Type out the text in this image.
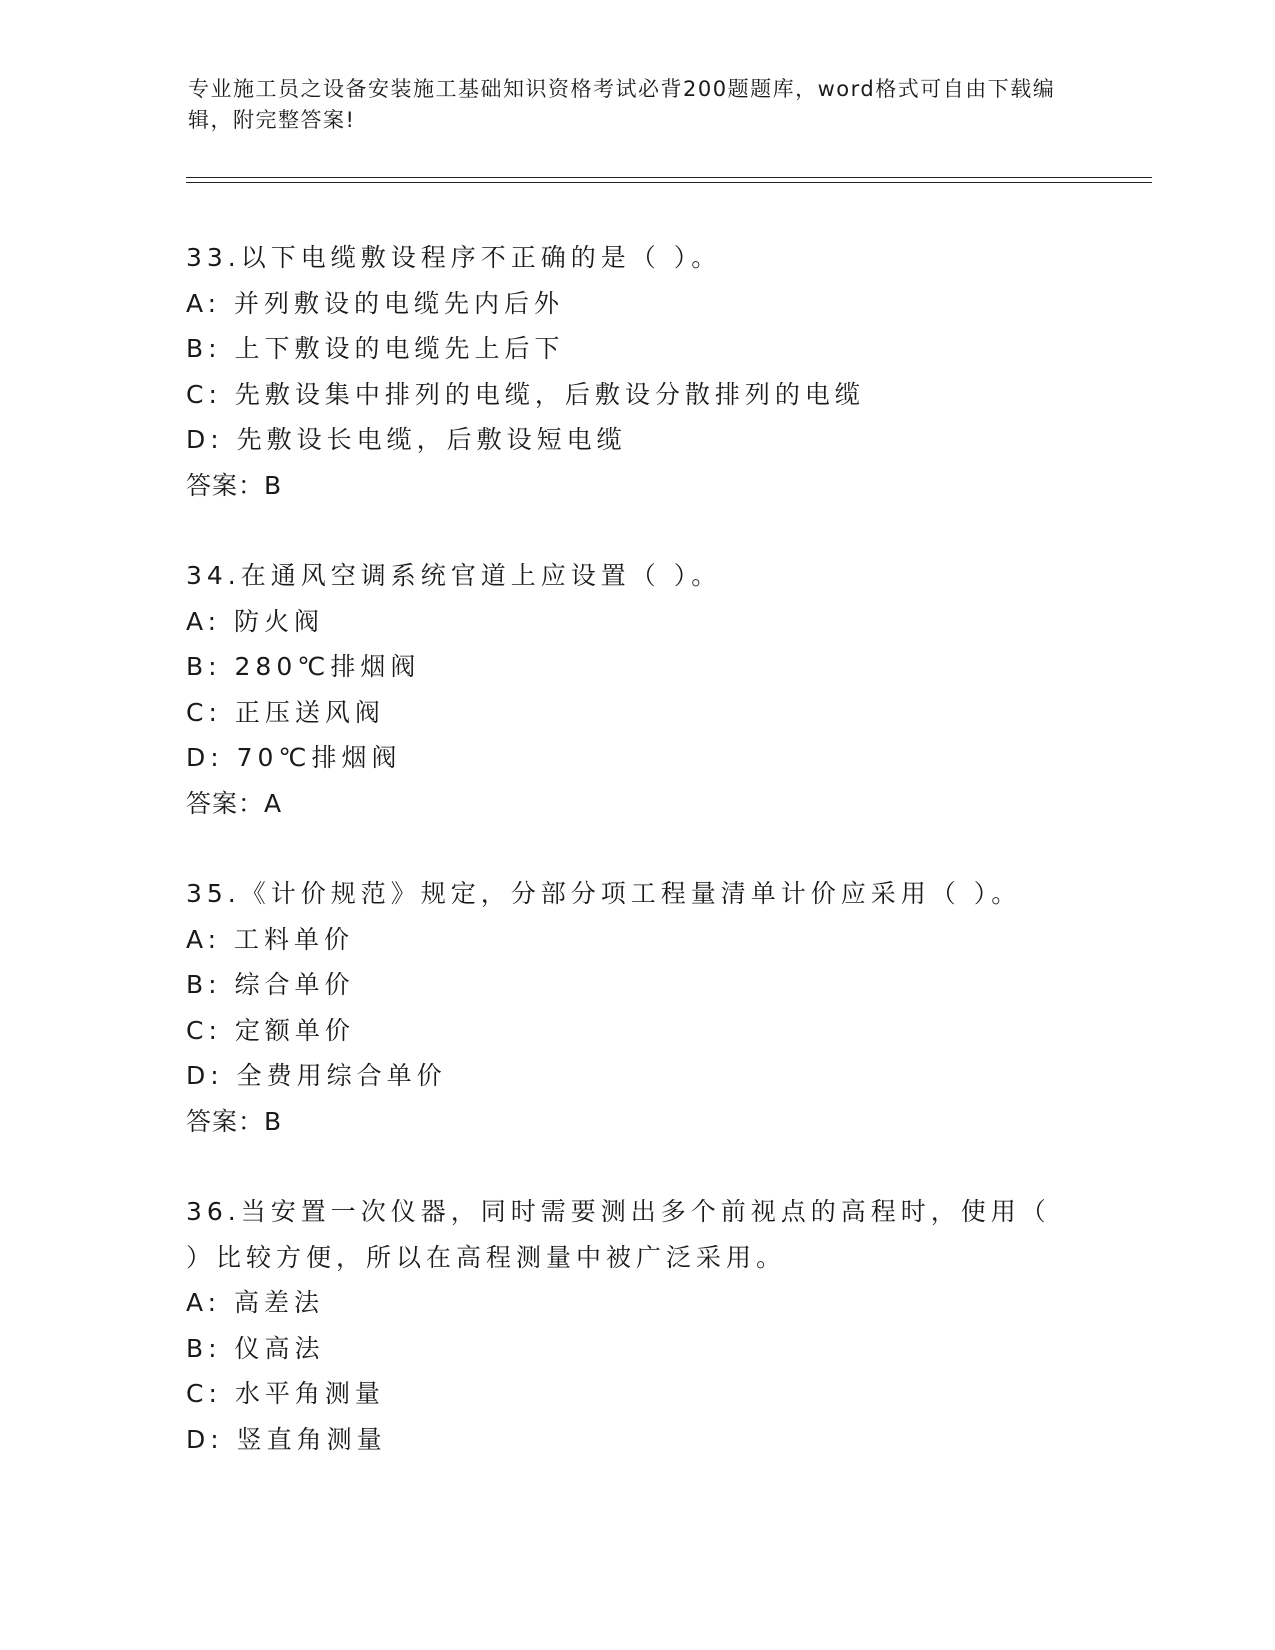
专业施工员之设备安装施工基础知识资格考试必背200题题库，word格式可自由下载编辑，附完整答案!
33.以下电缆敷设程序不正确的是（ ）。
A: 并列敷设的电缆先内后外
B: 上下敷设的电缆先上后下
C: 先敷设集中排列的电缆，后敷设分散排列的电缆
D: 先敷设长电缆，后敷设短电缆
答案：B
34.在通风空调系统官道上应设置（ ）。
A: 防火阀
B: 280℃排烟阀
C: 正压送风阀
D: 70℃排烟阀
答案：A
35.《计价规范》规定，分部分项工程量清单计价应采用（ ）。
A: 工料单价
B: 综合单价
C: 定额单价
D: 全费用综合单价
答案：B
36.当安置一次仪器，同时需要测出多个前视点的高程时，使用（ ）比较方便，所以在高程测量中被广泛采用。
A: 高差法
B: 仪高法
C: 水平角测量
D: 竖直角测量
